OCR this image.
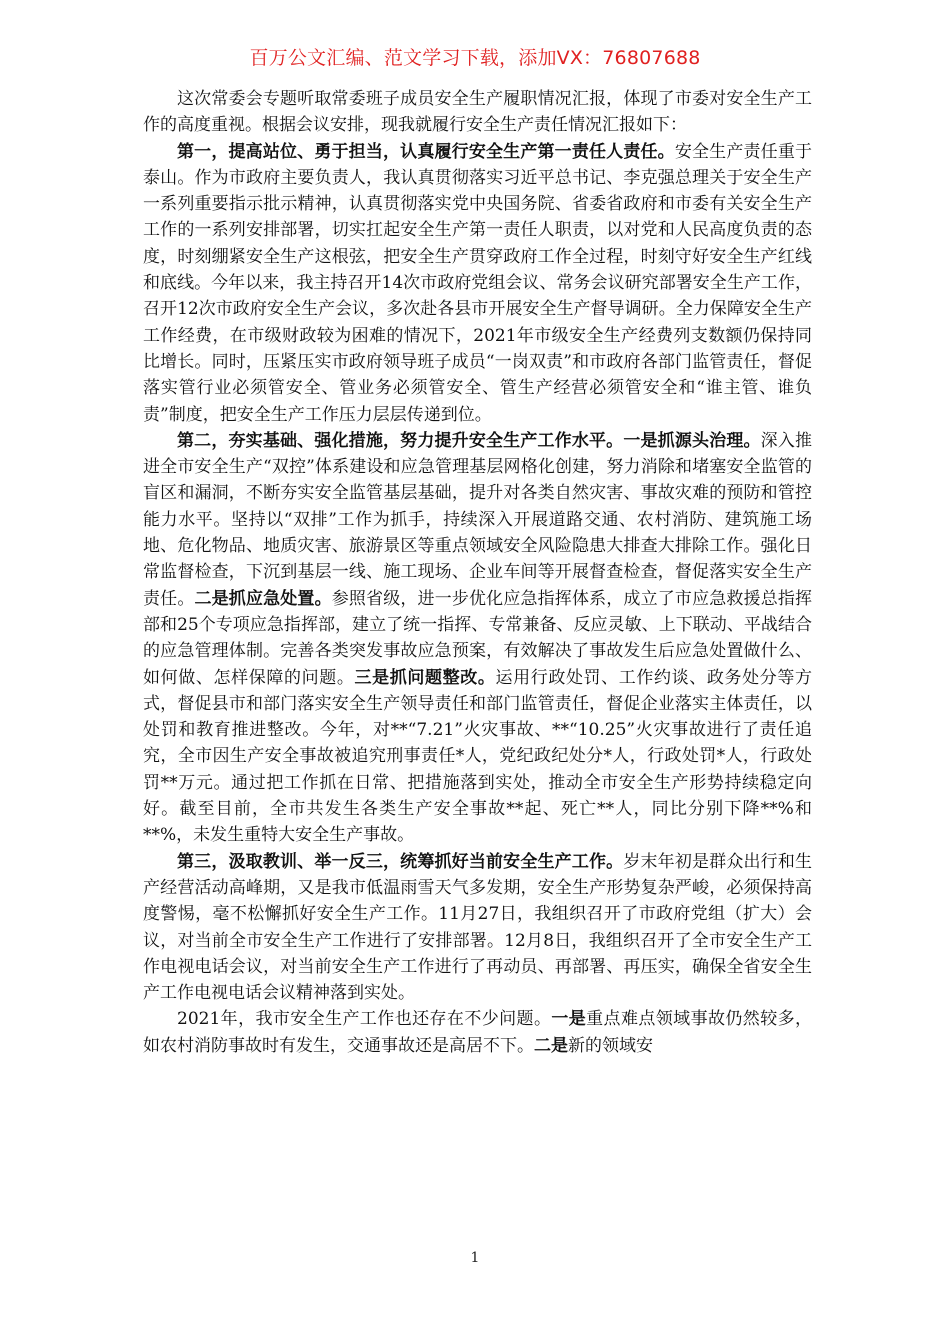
百万公文汇编、范文学习下载，添加VX：76807688

这次常委会专题听取常委班子成员安全生产履职情况汇报，体现了市委对安全生产工作的高度重视。根据会议安排，现我就履行安全生产责任情况汇报如下：

第一，提高站位、勇于担当，认真履行安全生产第一责任人责任。安全生产责任重于泰山。作为市政府主要负责人，我认真贯彻落实习近平总书记、李克强总理关于安全生产一系列重要指示批示精神，认真贯彻落实党中央国务院、省委省政府和市委有关安全生产工作的一系列安排部署，切实扛起安全生产第一责任人职责，以对党和人民高度负责的态度，时刻绷紧安全生产这根弦，把安全生产贯穿政府工作全过程，时刻守好安全生产红线和底线。今年以来，我主持召开14次市政府党组会议、常务会议研究部署安全生产工作，召开12次市政府安全生产会议，多次赴各县市开展安全生产督导调研。全力保障安全生产工作经费，在市级财政较为困难的情况下，2021年市级安全生产经费列支数额仍保持同比增长。同时，压紧压实市政府领导班子成员“一岗双责”和市政府各部门监管责任，督促落实管行业必须管安全、管业务必须管安全、管生产经营必须管安全和“谁主管、谁负责”制度，把安全生产工作压力层层传递到位。

第二，夯实基础、强化措施，努力提升安全生产工作水平。一是抓源头治理。深入推进全市安全生产“双控”体系建设和应急管理基层网格化创建，努力消除和堵塞安全监管的盲区和漏洞，不断夯实安全监管基层基础，提升对各类自然灾害、事故灾难的预防和管控能力水平。坚持以“双排”工作为抓手，持续深入开展道路交通、农村消防、建筑施工场地、危化物品、地质灾害、旅游景区等重点领域安全风险隐患大排查大排除工作。强化日常监督检查，下沉到基层一线、施工现场、企业车间等开展督查检查，督促落实安全生产责任。二是抓应急处置。参照省级，进一步优化应急指挥体系，成立了市应急救援总指挥部和25个专项应急指挥部，建立了统一指挥、专常兼备、反应灵敏、上下联动、平战结合的应急管理体制。完善各类突发事故应急预案，有效解决了事故发生后应急处置做什么、如何做、怎样保障的问题。三是抓问题整改。运用行政处罚、工作约谈、政务处分等方式，督促县市和部门落实安全生产领导责任和部门监管责任，督促企业落实主体责任，以处罚和教育推进整改。今年，对**“7.21”火灾事故、**“10.25”火灾事故进行了责任追究，全市因生产安全事故被追究刑事责任*人，党纪政纪处分*人，行政处罚*人，行政处罚**万元。通过把工作抓在日常、把措施落到实处，推动全市安全生产形势持续稳定向好。截至目前，全市共发生各类生产安全事故**起、死亡**人，同比分别下降**%和**%，未发生重特大安全生产事故。

第三，汲取教训、举一反三，统筹抓好当前安全生产工作。岁末年初是群众出行和生产经营活动高峰期，又是我市低温雨雪天气多发期，安全生产形势复杂严峻，必须保持高度警惕，毫不松懈抓好安全生产工作。11月27日，我组织召开了市政府党组（扩大）会议，对当前全市安全生产工作进行了安排部署。12月8日，我组织召开了全市安全生产工作电视电话会议，对当前安全生产工作进行了再动员、再部署、再压实，确保全省安全生产工作电视电话会议精神落到实处。

2021年，我市安全生产工作也还存在不少问题。一是重点难点领域事故仍然较多，如农村消防事故时有发生，交通事故还是高居不下。二是新的领域安

1
